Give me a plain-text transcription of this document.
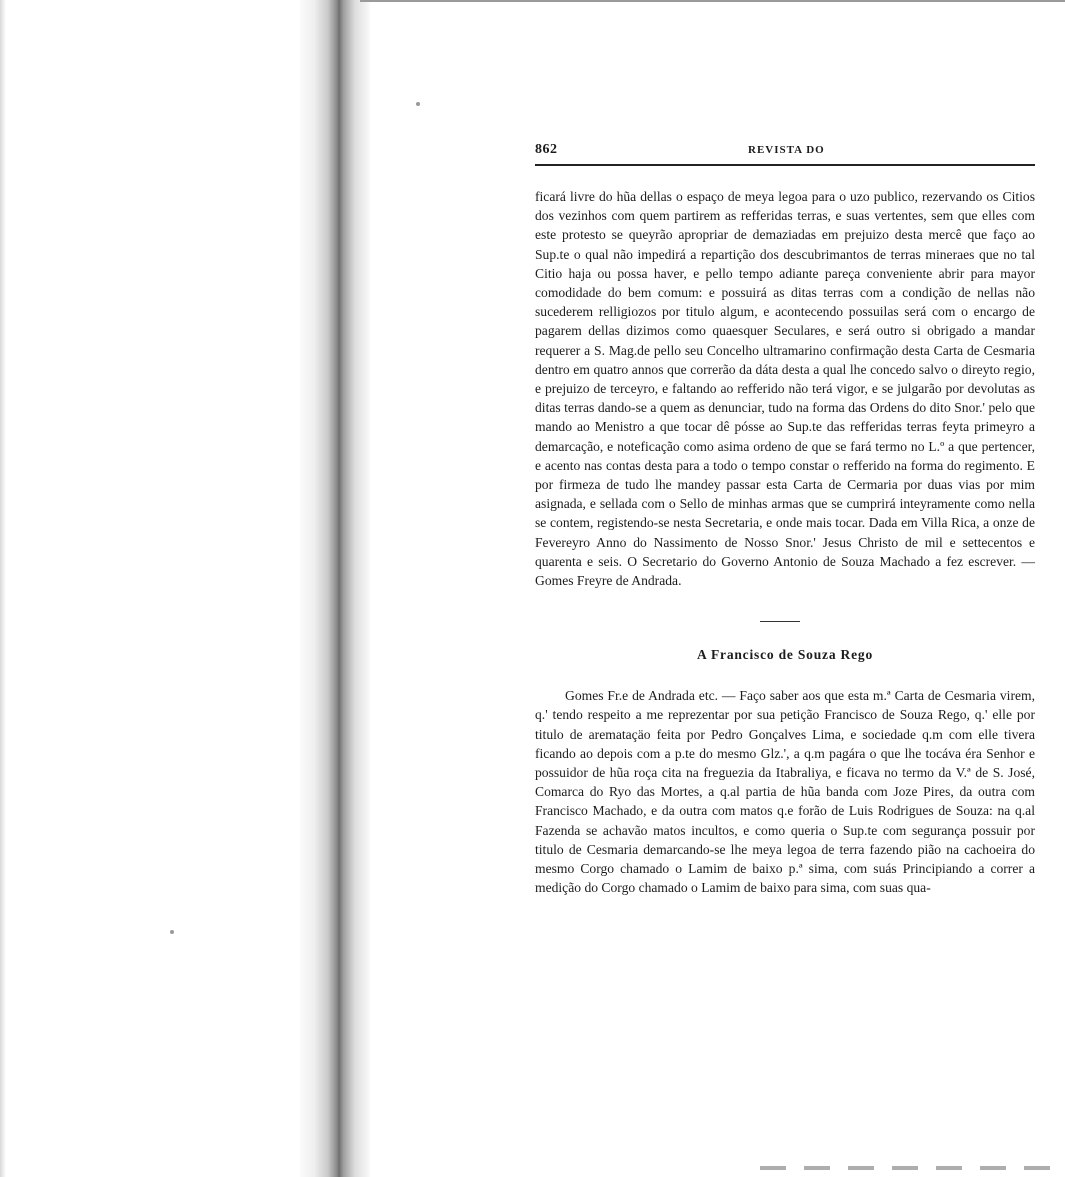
862	REVISTA DO

ficará livre do hũa dellas o espaço de meya legoa para o uzo publico, rezervando os Citios dos vezinhos com quem partirem as refferidas terras, e suas vertentes, sem que elles com este protesto se queyrão apropriar de demaziadas em prejuizo desta mercê que faço ao Sup.te o qual não impedirá a repartição dos descubrimantos de terras mineraes que no tal Citio haja ou possa haver, e pello tempo adiante pareça conveniente abrir para mayor comodidade do bem comum: e possuirá as ditas terras com a condição de nellas não sucederem relligiozos por titulo algum, e acontecendo possuilas será com o encargo de pagarem dellas dizimos como quaesquer Seculares, e será outro si obrigado a mandar requerer a S. Mag.de pello seu Concelho ultramarino confirmação desta Carta de Cesmaria dentro em quatro annos que correrão da dáta desta a qual lhe concedo salvo o direyto regio, e prejuizo de terceyro, e faltando ao refferido não terá vigor, e se julgarão por devolutas as ditas terras dando-se a quem as denunciar, tudo na forma das Ordens do dito Snor.' pelo que mando ao Menistro a que tocar dê pósse ao Sup.te das refferidas terras feyta primeyro a demarcação, e noteficação como asima ordeno de que se fará termo no L.º a que pertencer, e acento nas contas desta para a todo o tempo constar o refferido na forma do regimento. E por firmeza de tudo lhe mandey passar esta Carta de Cermaria por duas vias por mim asignada, e sellada com o Sello de minhas armas que se cumprirá inteyramente como nella se contem, registendo-se nesta Secretaria, e onde mais tocar. Dada em Villa Rica, a onze de Fevereyro Anno do Nassimento de Nosso Snor.' Jesus Christo de mil e settecentos e quarenta e seis. O Secretario do Governo Antonio de Souza Machado a fez escrever. — Gomes Freyre de Andrada.

A Francisco de Souza Rego

Gomes Fr.e de Andrada etc. — Faço saber aos que esta m.ª Carta de Cesmaria virem, q.' tendo respeito a me reprezentar por sua petição Francisco de Souza Rego, q.' elle por titulo de aremataçäo feita por Pedro Gonçalves Lima, e sociedade q.m com elle tivera ficando ao depois com a p.te do mesmo Glz.', a q.m pagára o que lhe tocáva éra Senhor e possuidor de hũa roça cita na freguezia da Itabraliya, e ficava no termo da V.ª de S. José, Comarca do Ryo das Mortes, a q.al partia de hũa banda com Joze Pires, da outra com Francisco Machado, e da outra com matos q.e forão de Luis Rodrigues de Souza: na q.al Fazenda se achavão matos incultos, e como queria o Sup.te com segurança possuir por titulo de Cesmaria demarcando-se lhe meya legoa de terra fazendo pião na cachoeira do mesmo Corgo chamado o Lamim de baixo p.ª sima, com suás Principiando a correr a medição do Corgo chamado o Lamim de baixo para sima, com suas qua-
